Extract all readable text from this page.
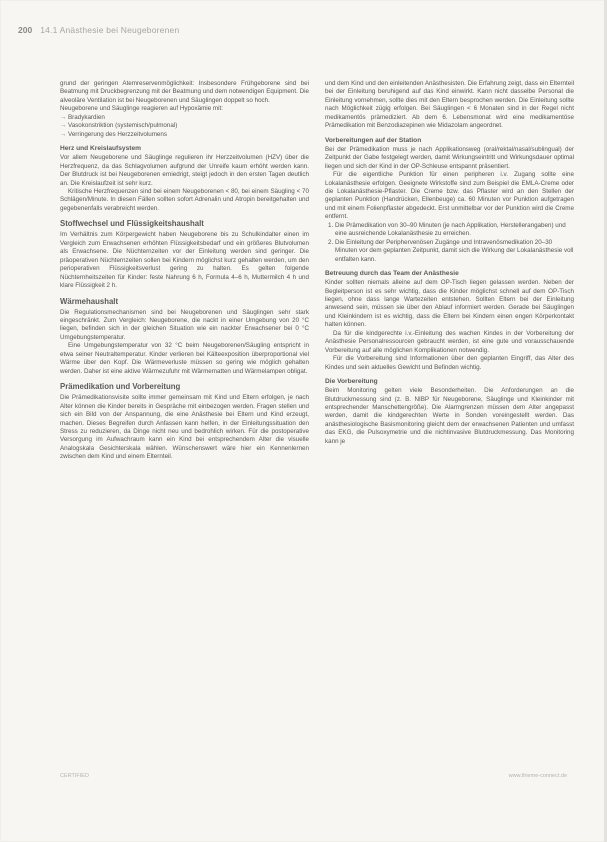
200 14.1 Anästhesie bei Neugeborenen

grund der geringen Atemreservenmöglichkeit: Insbesondere Frühgeborene sind bei Beatmung mit Druckbegrenzung mit der Beatmung und dem notwendigen Equipment. Die alveoläre Ventilation ist bei Neugeborenen und Säuglingen doppelt so hoch.

Neugeborene und Säuglinge reagieren auf Hypoxämie mit:

→ Bradykardien
→ Vasokonstriktion (systemisch/pulmonal)
→ Verringerung des Herzzeitvolumens
Herz und Kreislaufsystem

Vor allem Neugeborene und Säuglinge regulieren ihr Herzzeitvolumen (HZV) über die Herzfrequenz, da das Schlagvolumen aufgrund der Unreife kaum erhöht werden kann. Der Blutdruck ist bei Neugeborenen erniedrigt, steigt jedoch in den ersten Tagen deutlich an. Die Kreislaufzeit ist sehr kurz.

Kritische Herzfrequenzen sind bei einem Neugeborenen < 80, bei einem Säugling < 70 Schlägen/Minute. In diesen Fällen sollten sofort Adrenalin und Atropin bereitgehalten und gegebenenfalls verabreicht werden.

Stoffwechsel und Flüssigkeitshaushalt

Im Verhältnis zum Körpergewicht haben Neugeborene bis zu Schulkindalter einen im Vergleich zum Erwachsenen erhöhten Flüssigkeitsbedarf und ein größeres Blutvolumen als Erwachsene. Die Nüchternzeiten vor der Einleitung werden sind geringer. Die präoperativen Nüchternzeiten sollen bei Kindern möglichst kurz gehalten werden, um den perioperativen Flüssigkeitsverlust gering zu halten. Es gelten folgende Nüchternheitszeiten für Kinder: feste Nahrung 6 h, Formula 4–6 h, Muttermilch 4 h und klare Flüssigkeit 2 h.

Wärmehaushalt

Die Regulationsmechanismen sind bei Neugeborenen und Säuglingen sehr stark eingeschränkt. Zum Vergleich: Neugeborene, die nackt in einer Umgebung von 20 °C liegen, befinden sich in der gleichen Situation wie ein nackter Erwachsener bei 0 °C Umgebungstemperatur.

Eine Umgebungstemperatur von 32 °C beim Neugeborenen/Säugling entspricht in etwa seiner Neutraltemperatur. Kinder verlieren bei Kälteexposition überproportional viel Wärme über den Kopf. Die Wärmeverluste müssen so gering wie möglich gehalten werden. Daher ist eine aktive Wärmezufuhr mit Wärmematten und Wärmelampen obligat.

Prämedikation und Vorbereitung

Die Prämedikationsvisite sollte immer gemeinsam mit Kind und Eltern erfolgen, je nach Alter können die Kinder bereits in Gespräche mit einbezogen werden. Fragen stellen und sich ein Bild von der Anspannung, die eine Anästhesie bei Eltern und Kind erzeugt, machen. Dieses Begreifen durch Anfassen kann helfen, in der Einleitungssituation den Stress zu reduzieren, da Dinge nicht neu und bedrohlich wirken. Für die postoperative Versorgung im Aufwachraum kann ein Kind bei entsprechendem Alter die visuelle Analogskala Gesichterskala wählen. Wünschenswert wäre hier ein Kennenlernen zwischen dem Kind und einem Elternteil.

und dem Kind und den einleitenden Anästhesisten. Die Erfahrung zeigt, dass ein Elternteil bei der Einleitung beruhigend auf das Kind einwirkt. Kann nicht dasselbe Personal die Einleitung vornehmen, sollte dies mit den Eltern besprochen werden. Die Einleitung sollte nach Möglichkeit zügig erfolgen. Bei Säuglingen < 6 Monaten sind in der Regel nicht medikamentös prämediziert. Ab dem 6. Lebensmonat wird eine medikamentöse Prämedikation mit Benzodiazepinen wie Midazolam angeordnet.

Vorbereitungen auf der Station

Bei der Prämedikation muss je nach Applikationsweg (oral/rektal/nasal/sublingual) der Zeitpunkt der Gabe festgelegt werden, damit Wirkungseintritt und Wirkungsdauer optimal liegen und sich der Kind in der OP-Schleuse entspannt präsentiert.

Für die eigentliche Punktion für einen peripheren i.v. Zugang sollte eine Lokalanästhesie erfolgen. Geeignete Wirkstoffe sind zum Beispiel die EMLA-Creme oder die Lokalanästhesie-Pflaster. Die Creme bzw. das Pflaster wird an den Stellen der geplanten Punktion (Handrücken, Ellenbeuge) ca. 60 Minuten vor Punktion aufgetragen und mit einem Folienpflaster abgedeckt. Erst unmittelbar vor der Punktion wird die Creme entfernt.

1. Die Prämedikation von 30–90 Minuten (je nach Applikation, Herstellerangaben) und eine ausreichende Lokalanästhesie zu erreichen.
2. Die Einleitung der Periphervenösen Zugänge und Intravenösmedikation 20–30 Minuten vor dem geplanten Zeitpunkt, damit sich die Wirkung der Lokalanästhesie voll entfalten kann.
Betreuung durch das Team der Anästhesie

Kinder sollten niemals alleine auf dem OP-Tisch liegen gelassen werden. Neben der Begleitperson ist es sehr wichtig, dass die Kinder möglichst schnell auf dem OP-Tisch liegen, ohne dass lange Wartezeiten entstehen. Sollten Eltern bei der Einleitung anwesend sein, müssen sie über den Ablauf informiert werden. Gerade bei Säuglingen und Kleinkindern ist es wichtig, dass die Eltern bei Kindern einen engen Körperkontakt halten können.

Da für die kindgerechte i.v.-Einleitung des wachen Kindes in der Vorbereitung der Anästhesie Personalressourcen gebraucht werden, ist eine gute und vorausschauende Vorbereitung auf alle möglichen Komplikationen notwendig.

Für die Vorbereitung sind Informationen über den geplanten Eingriff, das Alter des Kindes und sein aktuelles Gewicht und Befinden wichtig.

Die Vorbereitung

Beim Monitoring gelten viele Besonderheiten. Die Anforderungen an die Blutdruckmessung sind (z. B. NIBP für Neugeborene, Säuglinge und Kleinkinder mit entsprechender Manschettengröße). Die Alarmgrenzen müssen dem Alter angepasst werden, damit die kindgerechten Werte in Sonden voreingestellt werden. Das anästhesiologische Basismonitoring gleicht dem der erwachsenen Patienten und umfasst das EKG, die Pulsoxymetrie und die nichtinvasive Blutdruckmessung. Das Monitoring kann je

CERTIFIED	www.thieme-connect.de
